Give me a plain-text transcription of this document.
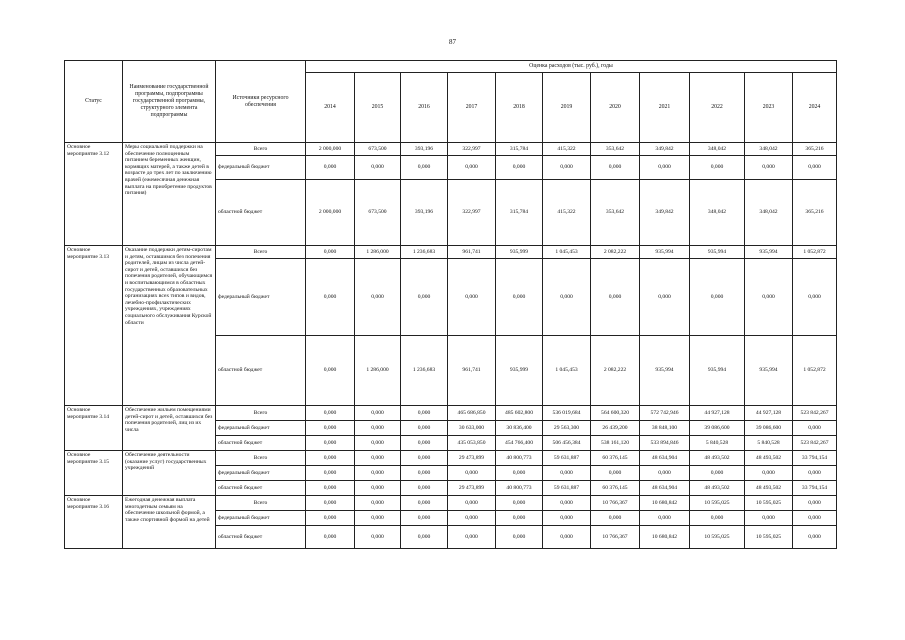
87
Статус	Наименование государственной программы, подпрограммы государственной программы, структурного элемента подпрограммы	Источники ресурсного обеспечения	Оценка расходов (тыс. руб.), годы										
			2014	2015	2016	2017	2018	2019	2020	2021	2022	2023	2024
Основное мероприятие 3.12	Меры социальной поддержки на обеспечение полноценным питанием беременных женщин, кормящих матерей, а также детей в возрасте до трех лет по заключению врачей (ежемесячная денежная выплата на приобретение продуктов питания)	Всего	2 000,000	673,500	393,196	322,997	315,784	415,322	353,642	349,842	348,042	348,042	365,216
		федеральный бюджет	0,000	0,000	0,000	0,000	0,000	0,000	0,000	0,000	0,000	0,000	0,000
		областной бюджет	2 000,000	673,500	393,196	322,997	315,784	415,322	353,642	349,842	348,042	348,042	365,216
Основное мероприятие 3.13	Оказание поддержки детям-сиротам и детям, оставшимся без попечения родителей, лицам из числа детей-сирот и детей, оставшихся без попечения родителей, обучающимся и воспитывающимся в областных государственных образовательных организациях всех типов и видов, лечебно-профилактических учреждениях, учреждениях социального обслуживания Курской области	Всего	0,000	1 286,000	1 236,683	961,741	935,999	1 045,453	2 082,222	935,994	935,994	935,994	1 052,872
		федеральный бюджет	0,000	0,000	0,000	0,000	0,000	0,000	0,000	0,000	0,000	0,000	0,000
		областной бюджет	0,000	1 286,000	1 236,683	961,741	935,999	1 045,453	2 082,222	935,994	935,994	935,994	1 052,872
Основное мероприятие 3.14	Обеспечение жильем помещениями детей-сирот и детей, оставшихся без попечения родителей, лиц из их числа	Всего	0,000	0,000	0,000	465 686,850	485 602,800	536 019,684	564 600,320	572 742,946	44 927,128	44 927,128	523 842,267
		федеральный бюджет	0,000	0,000	0,000	30 633,000	30 836,400	29 563,300	26 439,200	38 848,100	39 086,600	39 086,600	0,000
		областной бюджет	0,000	0,000	0,000	435 053,850	454 766,400	506 456,384	538 161,120	533 894,846	5 840,528	5 840,528	523 842,267
Основное мероприятие 3.15	Обеспечение деятельности (оказание услуг) государственных учреждений	Всего	0,000	0,000	0,000	29 473,899	40 800,773	59 631,887	60 376,145	48 634,904	48 493,502	48 493,502	33 794,154
		федеральный бюджет	0,000	0,000	0,000	0,000	0,000	0,000	0,000	0,000	0,000	0,000	0,000
		областной бюджет	0,000	0,000	0,000	29 473,899	40 800,773	59 631,887	60 376,145	48 634,904	48 493,502	48 493,502	33 794,154
Основное мероприятие 3.16	Ежегодная денежная выплата многодетным семьям на обеспечение школьной формой, а также спортивной формой на детей	Всего	0,000	0,000	0,000	0,000	0,000	0,000	10 766,367	10 680,842	10 595,025	10 595,025	0,000
		федеральный бюджет	0,000	0,000	0,000	0,000	0,000	0,000	0,000	0,000	0,000	0,000	0,000
		областной бюджет	0,000	0,000	0,000	0,000	0,000	0,000	10 766,367	10 680,842	10 595,025	10 595,025	0,000
